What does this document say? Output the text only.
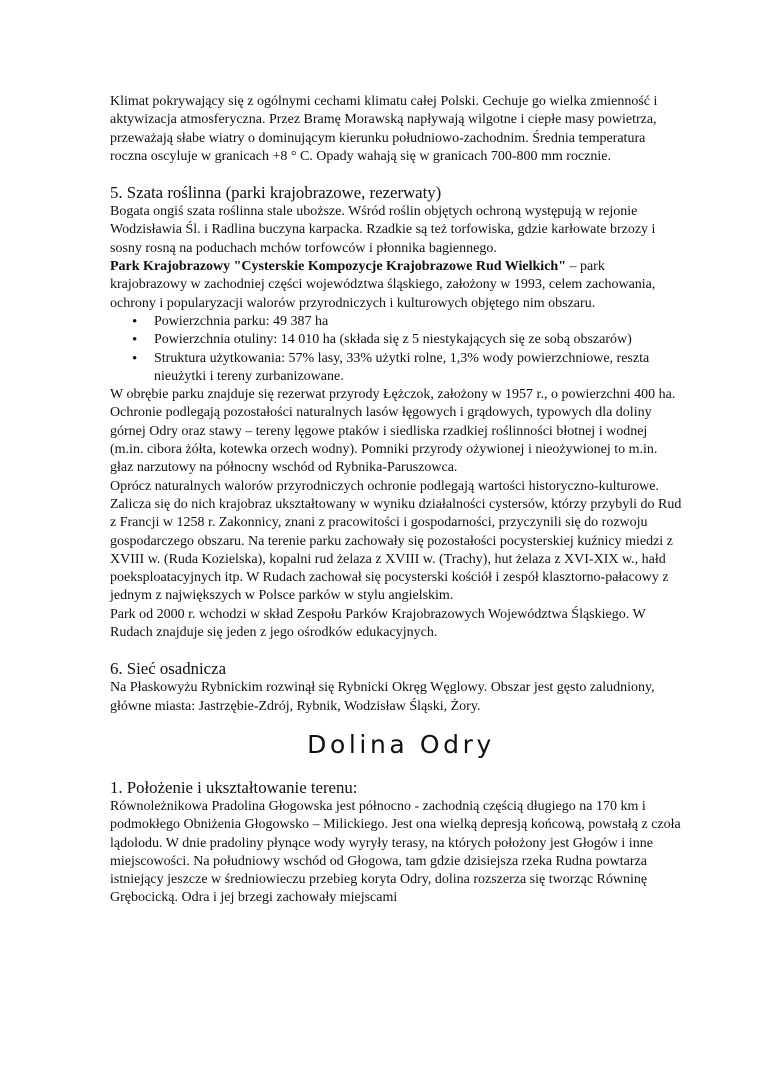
Klimat pokrywający się z ogólnymi cechami klimatu całej Polski. Cechuje go wielka zmienność i aktywizacja atmosferyczna. Przez Bramę Morawską napływają wilgotne i ciepłe masy powietrza, przeważają słabe wiatry o dominującym kierunku południowo-zachodnim. Średnia temperatura roczna oscyluje w granicach +8 ° C. Opady wahają się w granicach 700-800 mm rocznie.

5. Szata roślinna (parki krajobrazowe, rezerwaty)

Bogata ongiś szata roślinna stale uboższe. Wśród roślin objętych ochroną występują w rejonie Wodzisławia Śl. i Radlina buczyna karpacka. Rzadkie są też torfowiska, gdzie karłowate brzozy i sosny rosną na poduchach mchów torfowców i płonnika bagiennego.

Park Krajobrazowy "Cysterskie Kompozycje Krajobrazowe Rud Wielkich" – park krajobrazowy w zachodniej części województwa śląskiego, założony w 1993, celem zachowania, ochrony i popularyzacji walorów przyrodniczych i kulturowych objętego nim obszaru.

• Powierzchnia parku: 49 387 ha
• Powierzchnia otuliny: 14 010 ha (składa się z 5 niestykających się ze sobą obszarów)
• Struktura użytkowania: 57% lasy, 33% użytki rolne, 1,3% wody powierzchniowe, reszta nieużytki i tereny zurbanizowane.

W obrębie parku znajduje się rezerwat przyrody Łężczok, założony w 1957 r., o powierzchni 400 ha. Ochronie podlegają pozostałości naturalnych lasów łęgowych i grądowych, typowych dla doliny górnej Odry oraz stawy – tereny lęgowe ptaków i siedliska rzadkiej roślinności błotnej i wodnej (m.in. cibora żółta, kotewka orzech wodny). Pomniki przyrody ożywionej i nieożywionej to m.in. głaz narzutowy na północny wschód od Rybnika-Paruszowca.

Oprócz naturalnych walorów przyrodniczych ochronie podlegają wartości historyczno-kulturowe. Zalicza się do nich krajobraz ukształtowany w wyniku działalności cystersów, którzy przybyli do Rud z Francji w 1258 r. Zakonnicy, znani z pracowitości i gospodarności, przyczynili się do rozwoju gospodarczego obszaru. Na terenie parku zachowały się pozostałości pocysterskiej kuźnicy miedzi z XVIII w. (Ruda Kozielska), kopalni rud żelaza z XVIII w. (Trachy), hut żelaza z XVI-XIX w., hałd poeksploatacyjnych itp. W Rudach zachował się pocysterski kościół i zespół klasztorno-pałacowy z jednym z największych w Polsce parków w stylu angielskim.

Park od 2000 r. wchodzi w skład Zespołu Parków Krajobrazowych Województwa Śląskiego. W Rudach znajduje się jeden z jego ośrodków edukacyjnych.

6. Sieć osadnicza

Na Płaskowyżu Rybnickim rozwinął się Rybnicki Okręg Węglowy. Obszar jest gęsto zaludniony, główne miasta: Jastrzębie-Zdrój, Rybnik, Wodzisław Śląski, Żory.

Dolina Odry
1. Położenie i ukształtowanie terenu:

Równoleżnikowa Pradolina Głogowska jest północno - zachodnią częścią długiego na 170 km i podmokłego Obniżenia Głogowsko – Milickiego. Jest ona wielką depresją końcową, powstałą z czoła lądolodu. W dnie pradoliny płynące wody wyryły terasy, na których położony jest Głogów i inne miejscowości. Na południowy wschód od Głogowa, tam gdzie dzisiejsza rzeka Rudna powtarza istniejący jeszcze w średniowieczu przebieg koryta Odry, dolina rozszerza się tworząc Równinę Grębocicką. Odra i jej brzegi zachowały miejscami
